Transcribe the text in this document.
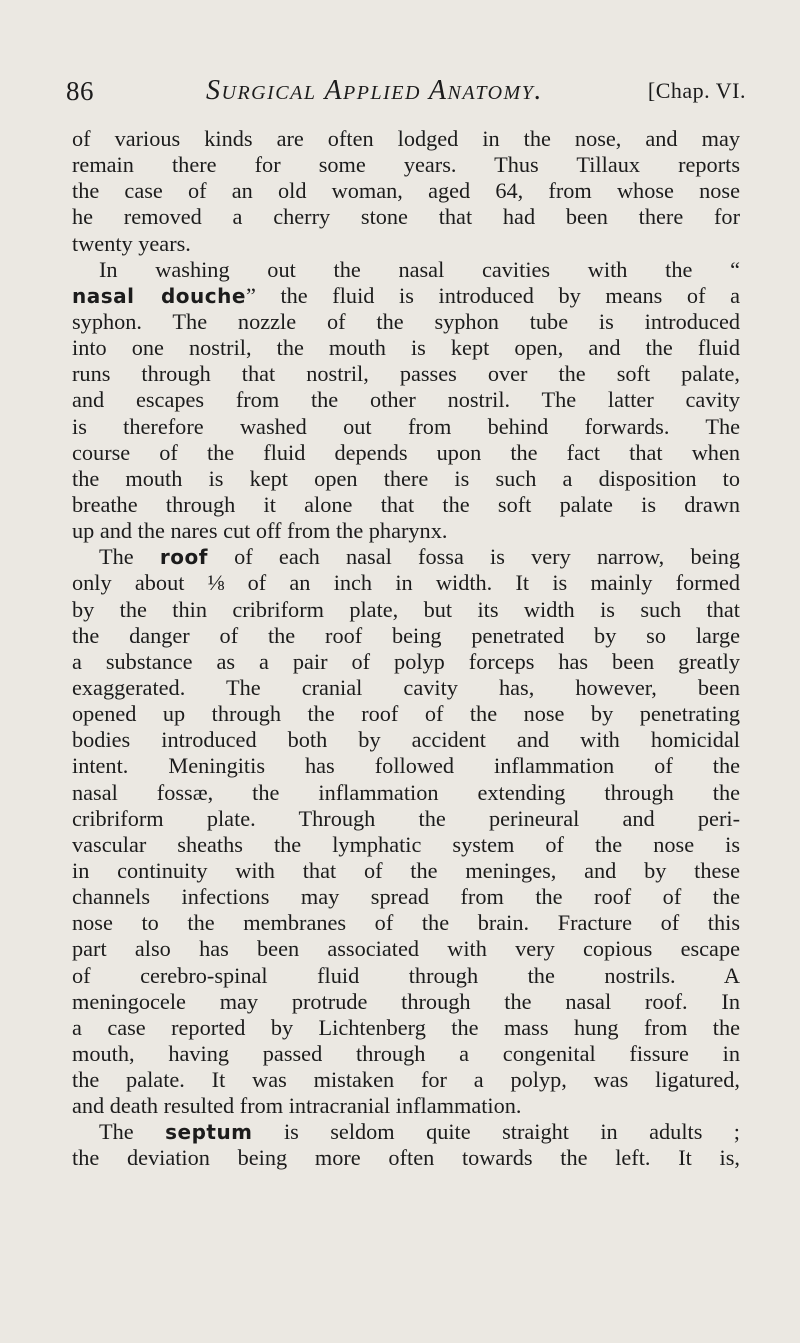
86	Surgical Applied Anatomy.	[Chap. VI.
of various kinds are often lodged in the nose, and may
remain there for some years. Thus Tillaux reports
the case of an old woman, aged 64, from whose nose
he removed a cherry stone that had been there for
twenty years.
In washing out the nasal cavities with the “
nasal douche” the fluid is introduced by means of a
syphon. The nozzle of the syphon tube is introduced
into one nostril, the mouth is kept open, and the fluid
runs through that nostril, passes over the soft palate,
and escapes from the other nostril. The latter cavity
is therefore washed out from behind forwards. The
course of the fluid depends upon the fact that when
the mouth is kept open there is such a disposition to
breathe through it alone that the soft palate is drawn
up and the nares cut off from the pharynx.
The roof of each nasal fossa is very narrow, being
only about ⅛ of an inch in width. It is mainly formed
by the thin cribriform plate, but its width is such that
the danger of the roof being penetrated by so large
a substance as a pair of polyp forceps has been greatly
exaggerated. The cranial cavity has, however, been
opened up through the roof of the nose by penetrating
bodies introduced both by accident and with homicidal
intent. Meningitis has followed inflammation of the
nasal fossæ, the inflammation extending through the
cribriform plate. Through the perineural and peri-
vascular sheaths the lymphatic system of the nose is
in continuity with that of the meninges, and by these
channels infections may spread from the roof of the
nose to the membranes of the brain. Fracture of this
part also has been associated with very copious escape
of cerebro-spinal fluid through the nostrils. A
meningocele may protrude through the nasal roof. In
a case reported by Lichtenberg the mass hung from the
mouth, having passed through a congenital fissure in
the palate. It was mistaken for a polyp, was ligatured,
and death resulted from intracranial inflammation.
The septum is seldom quite straight in adults ;
the deviation being more often towards the left. It is,
